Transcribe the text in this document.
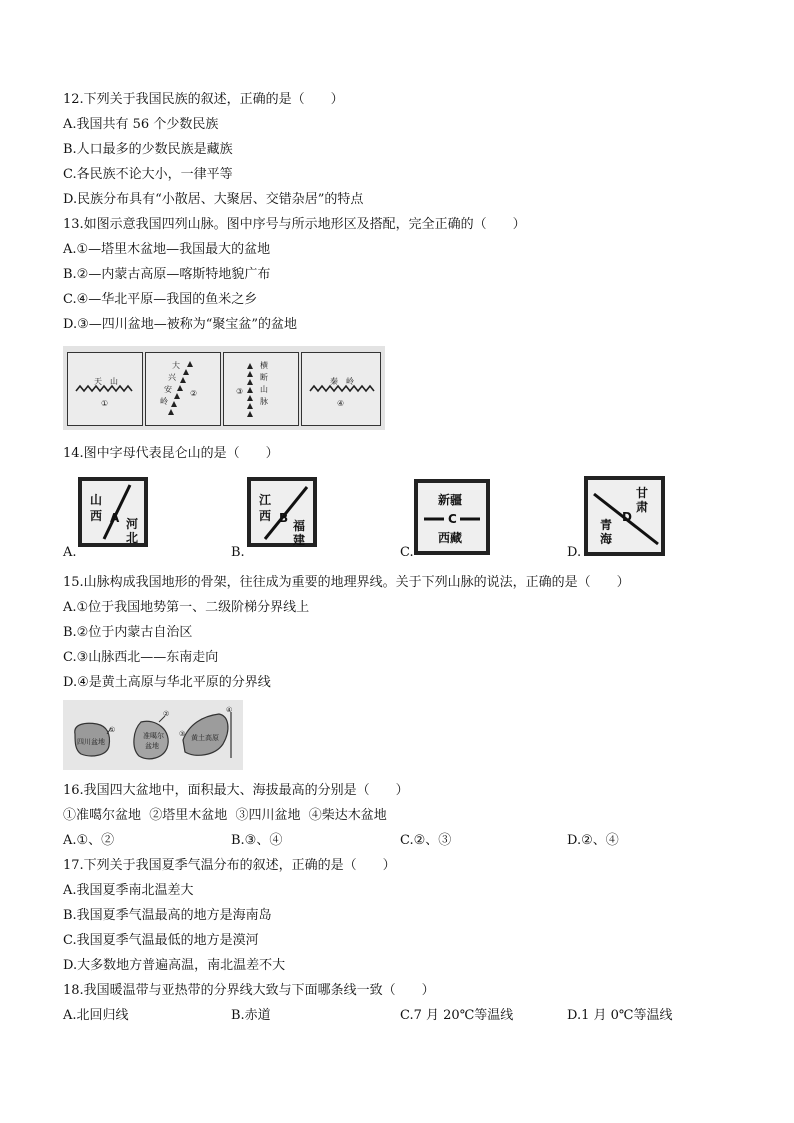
12.下列关于我国民族的叙述，正确的是（　　）
A.我国共有 56 个少数民族
B.人口最多的少数民族是藏族
C.各民族不论大小，一律平等
D.民族分布具有“小散居、大聚居、交错杂居”的特点
13.如图示意我国四列山脉。图中序号与所示地形区及搭配，完全正确的（　　）
A.①—塔里木盆地—我国最大的盆地
B.②—内蒙古高原—喀斯特地貌广布
C.④—华北平原—我国的鱼米之乡
D.③—四川盆地—被称为“聚宝盆”的盆地
天　山
①
大
兴
安
岭
②
横
断
山
脉
③
秦　岭
④
14.图中字母代表昆仑山的是（　　）
A.
山
西 A 河
北
B.
江
西 B
福
建
C.
新疆
C
西藏
D.
甘
肃
D
青
海
15.山脉构成我国地形的骨架，往往成为重要的地理界线。关于下列山脉的说法，正确的是（　　）
A.①位于我国地势第一、二级阶梯分界线上
B.②位于内蒙古自治区
C.③山脉西北——东南走向
D.④是黄土高原与华北平原的分界线
四川盆地
准噶尔
盆地
黄土高原
①
②
③
④
16.我国四大盆地中，面积最大、海拔最高的分别是（　　）
①准噶尔盆地  ②塔里木盆地  ③四川盆地  ④柴达木盆地
A.①、②	B.③、④	C.②、③	D.②、④
17.下列关于我国夏季气温分布的叙述，正确的是（　　）
A.我国夏季南北温差大
B.我国夏季气温最高的地方是海南岛
C.我国夏季气温最低的地方是漠河
D.大多数地方普遍高温，南北温差不大
18.我国暖温带与亚热带的分界线大致与下面哪条线一致（　　）
A.北回归线	B.赤道	C.7 月 20℃等温线	D.1 月 0℃等温线
